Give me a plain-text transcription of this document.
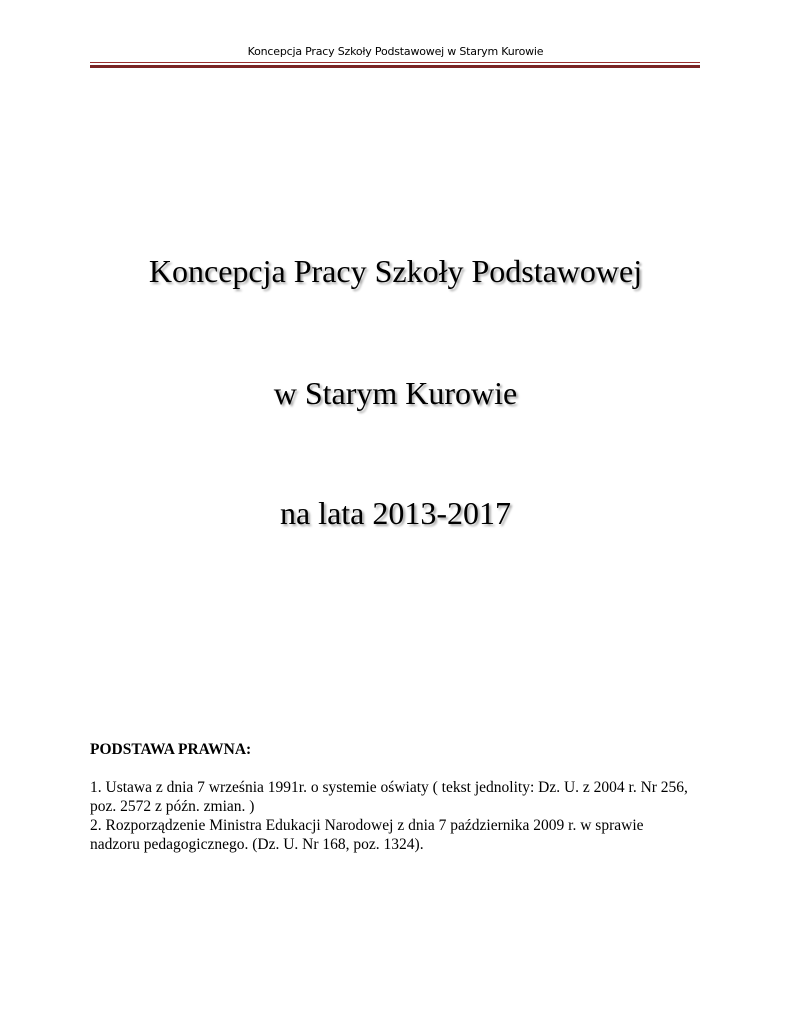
Koncepcja Pracy Szkoły Podstawowej w Starym Kurowie
Koncepcja Pracy Szkoły Podstawowej
w Starym Kurowie
na lata 2013-2017

PODSTAWA PRAWNA:

1. Ustawa z dnia 7 września 1991r. o systemie oświaty ( tekst jednolity: Dz. U. z 2004 r. Nr 256,

poz. 2572 z późn. zmian. )

2. Rozporządzenie Ministra Edukacji Narodowej z dnia 7 października 2009 r. w sprawie

nadzoru pedagogicznego. (Dz. U. Nr 168, poz. 1324).
